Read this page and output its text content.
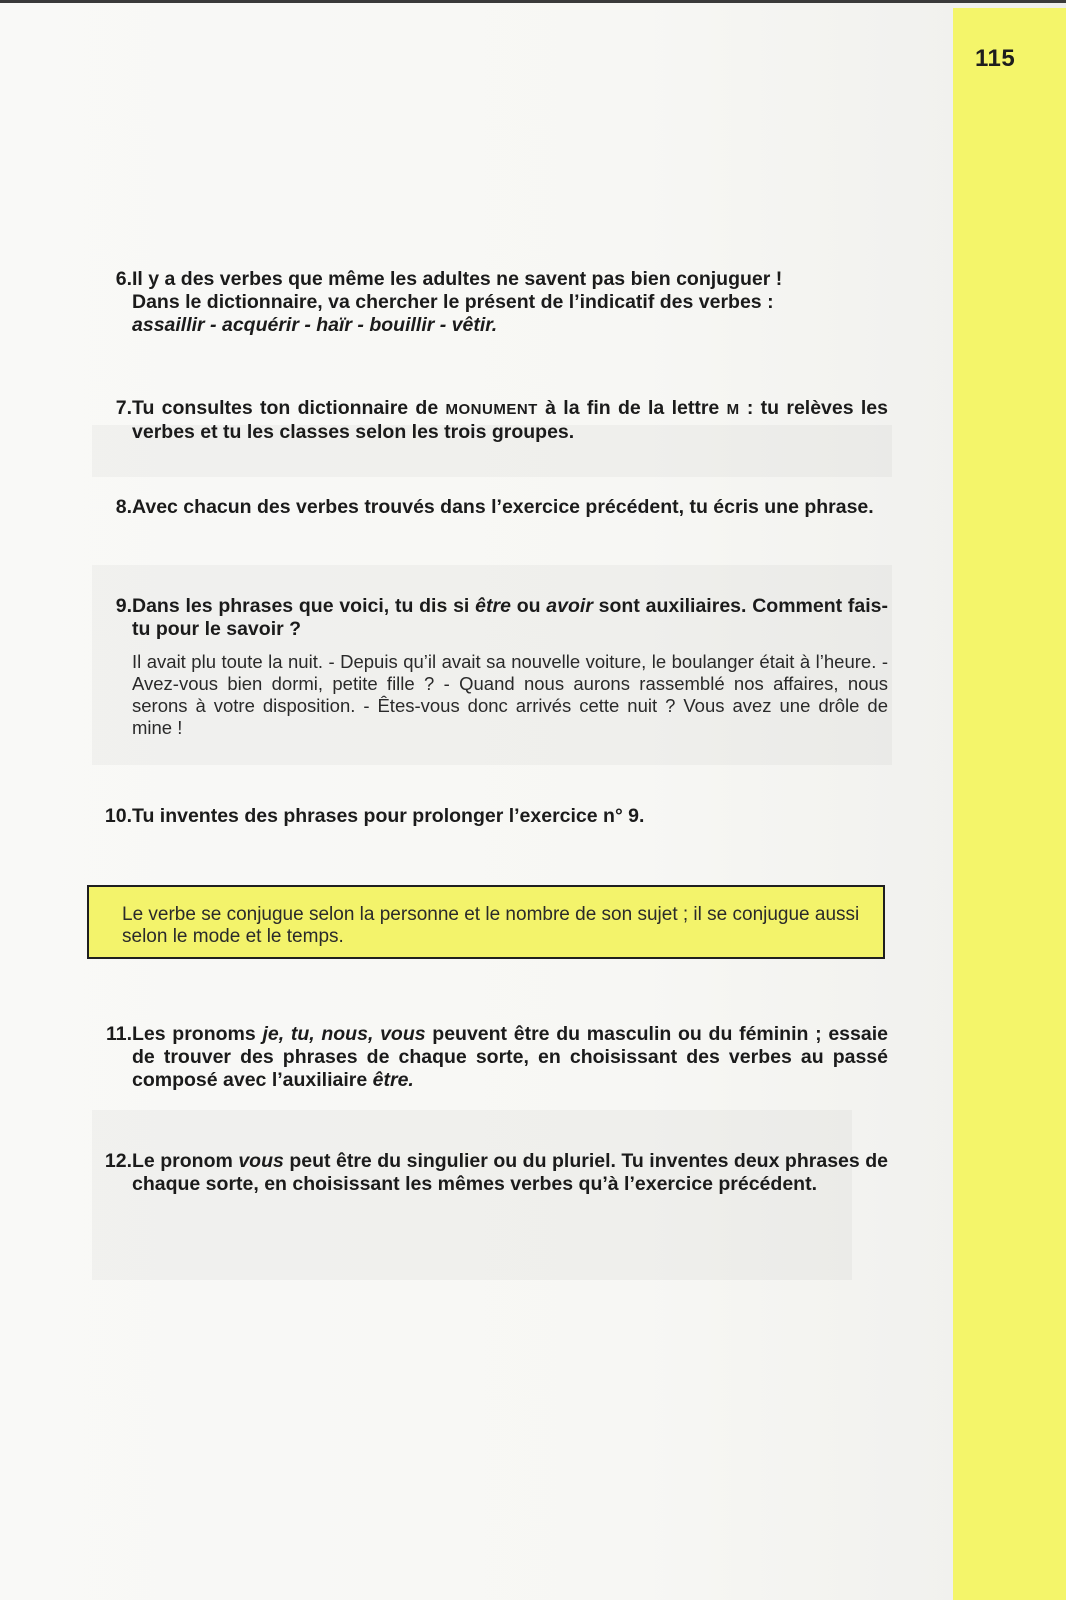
115
6. Il y a des verbes que même les adultes ne savent pas bien conjuguer !

Dans le dictionnaire, va chercher le présent de l’indicatif des verbes :

assaillir - acquérir - haïr - bouillir - vêtir.

7. Tu consultes ton dictionnaire de MONUMENT à la fin de la lettre M : tu relèves les verbes et tu les classes selon les trois groupes.

8. Avec chacun des verbes trouvés dans l’exercice précédent, tu écris une phrase.

9. Dans les phrases que voici, tu dis si être ou avoir sont auxiliaires. Comment fais-tu pour le savoir ?

Il avait plu toute la nuit. - Depuis qu’il avait sa nouvelle voiture, le boulanger était à l’heure. - Avez-vous bien dormi, petite fille ? - Quand nous aurons rassemblé nos affaires, nous serons à votre disposition. - Êtes-vous donc arrivés cette nuit ? Vous avez une drôle de mine !
10. Tu inventes des phrases pour prolonger l’exercice n° 9.

Le verbe se conjugue selon la personne et le nombre de son sujet ; il se conjugue aussi selon le mode et le temps.
11. Les pronoms je, tu, nous, vous peuvent être du masculin ou du féminin ; essaie de trouver des phrases de chaque sorte, en choisissant des verbes au passé composé avec l’auxiliaire être.

12. Le pronom vous peut être du singulier ou du pluriel. Tu inventes deux phrases de chaque sorte, en choisissant les mêmes verbes qu’à l’exercice précédent.
